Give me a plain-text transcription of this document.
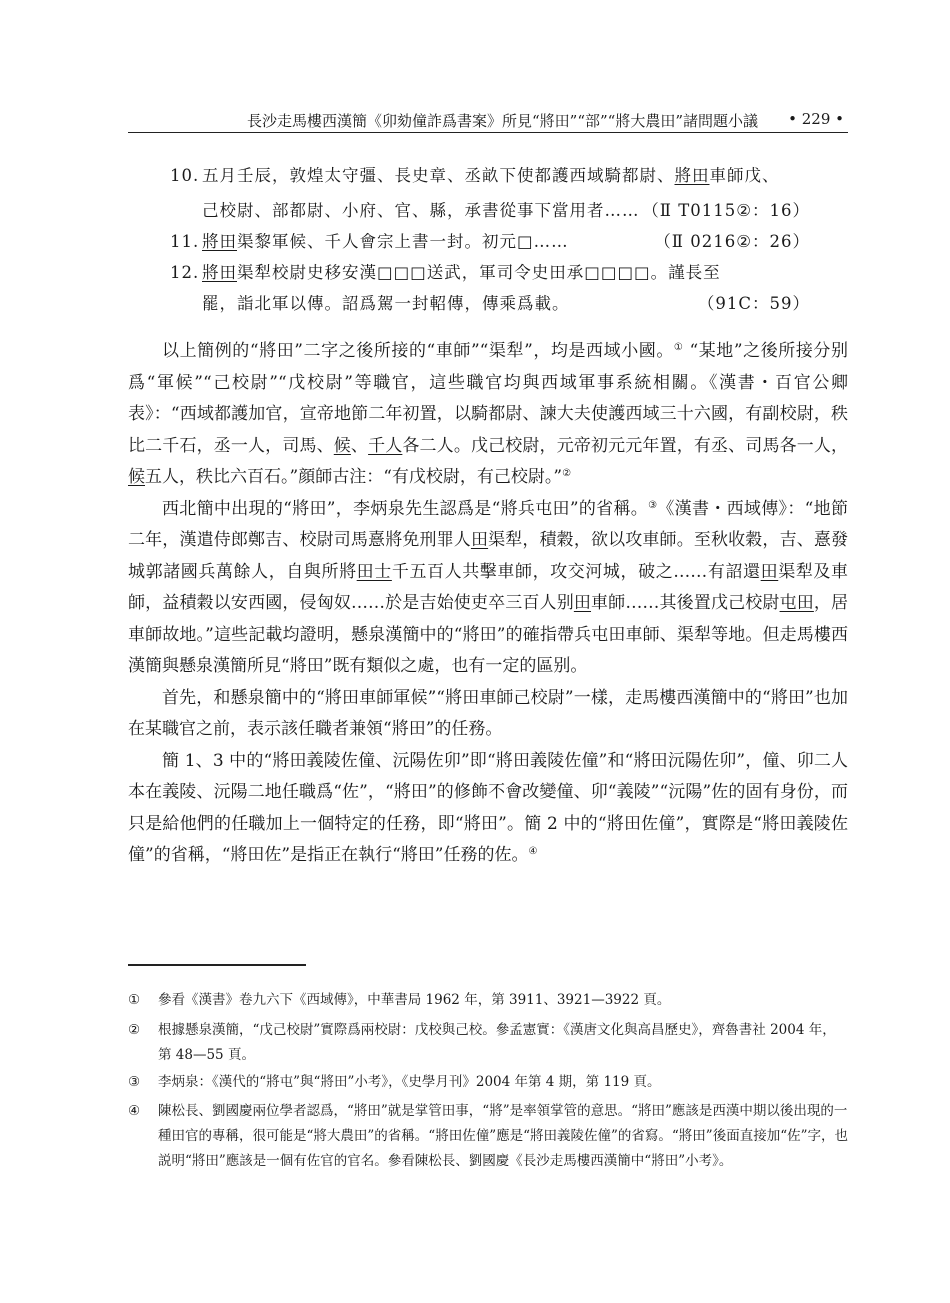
長沙走馬樓西漢簡《卯劾僮詐爲書案》所見“將田”“部”“將大農田”諸問題小議 • 229 •
10. 五月壬辰，敦煌太守彊、長史章、丞畝下使都護西域騎都尉、將田車師戊、
己校尉、部都尉、小府、官、縣，承書從事下當用者…… （Ⅱ T0115②：16）
11. 將田渠黎軍候、千人會宗上書一封。初元□……	（Ⅱ 0216②：26）
12. 將田渠犁校尉史移安漢□□□送武，軍司令史田承□□□□。謹長至
罷，詣北軍以傳。詔爲駕一封軺傳，傳乘爲載。	（91C：59）

以上簡例的“將田”二字之後所接的“車師”“渠犁”，均是西域小國。① “某地”之後所接分别爲“軍候”“己校尉”“戊校尉”等職官，這些職官均與西域軍事系統相關。《漢書・百官公卿表》：“西域都護加官，宣帝地節二年初置，以騎都尉、諫大夫使護西域三十六國，有副校尉，秩比二千石，丞一人，司馬、候、千人各二人。戊己校尉，元帝初元元年置，有丞、司馬各一人，候五人，秩比六百石。”顔師古注：“有戊校尉，有己校尉。”②

西北簡中出現的“將田”，李炳泉先生認爲是“將兵屯田”的省稱。③《漢書・西域傳》：“地節二年，漢遣侍郎鄭吉、校尉司馬憙將免刑罪人田渠犁，積穀，欲以攻車師。至秋收穀，吉、憙發城郭諸國兵萬餘人，自與所將田士千五百人共擊車師，攻交河城，破之……有詔還田渠犁及車師，益積穀以安西國，侵匈奴……於是吉始使吏卒三百人别田車師……其後置戊己校尉屯田，居車師故地。”這些記載均證明，懸泉漢簡中的“將田”的確指帶兵屯田車師、渠犁等地。但走馬樓西漢簡與懸泉漢簡所見“將田”既有類似之處，也有一定的區别。

首先，和懸泉簡中的“將田車師軍候”“將田車師己校尉”一樣，走馬樓西漢簡中的“將田”也加在某職官之前，表示該任職者兼領“將田”的任務。

簡 1、3 中的“將田義陵佐僮、沅陽佐卯”即“將田義陵佐僮”和“將田沅陽佐卯”，僮、卯二人本在義陵、沅陽二地任職爲“佐”，“將田”的修飾不會改變僮、卯“義陵”“沅陽”佐的固有身份，而只是給他們的任職加上一個特定的任務，即“將田”。簡 2 中的“將田佐僮”，實際是“將田義陵佐僮”的省稱，“將田佐”是指正在執行“將田”任務的佐。④

① 參看《漢書》卷九六下《西域傳》，中華書局 1962 年，第 3911、3921—3922 頁。
② 根據懸泉漢簡，“戊己校尉”實際爲兩校尉：戊校與己校。參孟憲實：《漢唐文化與高昌歷史》，齊魯書社 2004 年，第 48—55 頁。
③ 李炳泉：《漢代的“將屯”與“將田”小考》，《史學月刊》2004 年第 4 期，第 119 頁。
④ 陳松長、劉國慶兩位學者認爲，“將田”就是掌管田事，“將”是率領掌管的意思。“將田”應該是西漢中期以後出現的一種田官的專稱，很可能是“將大農田”的省稱。“將田佐僮”應是“將田義陵佐僮”的省寫。“將田”後面直接加“佐”字，也説明“將田”應該是一個有佐官的官名。參看陳松長、劉國慶《長沙走馬樓西漢簡中“將田”小考》。
